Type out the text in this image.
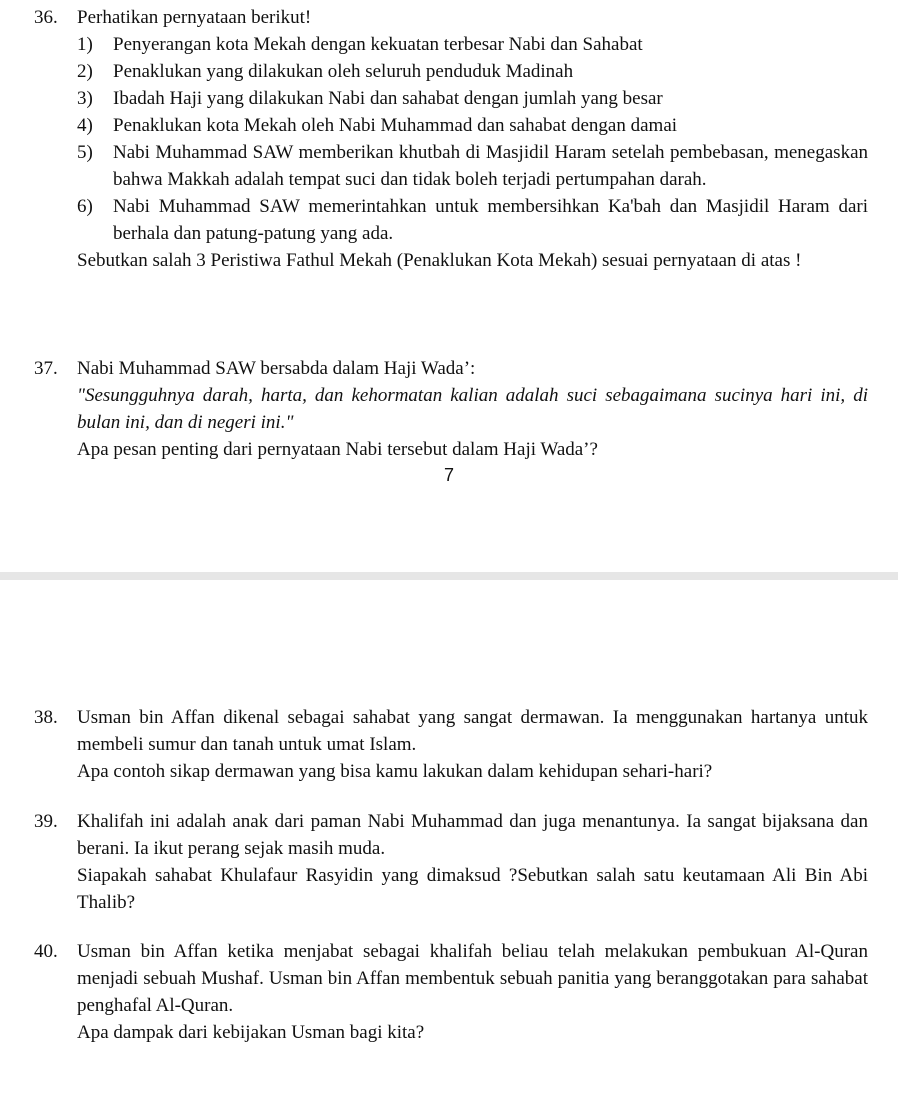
36.	Perhatikan pernyataan berikut!
1)	Penyerangan kota Mekah dengan kekuatan terbesar Nabi dan Sahabat
2)	Penaklukan yang dilakukan oleh seluruh penduduk Madinah
3)	Ibadah Haji yang dilakukan Nabi dan sahabat dengan jumlah yang besar
4)	Penaklukan kota Mekah oleh Nabi Muhammad dan sahabat dengan damai
5)	Nabi Muhammad SAW memberikan khutbah di Masjidil Haram setelah pembebasan, menegaskan bahwa Makkah adalah tempat suci dan tidak boleh terjadi pertumpahan darah.
6)	Nabi Muhammad SAW memerintahkan untuk membersihkan Ka'bah dan Masjidil Haram dari berhala dan patung-patung yang ada.
Sebutkan salah 3 Peristiwa Fathul Mekah (Penaklukan Kota Mekah) sesuai pernyataan di atas !
37.	Nabi Muhammad SAW bersabda dalam Haji Wada’:
"Sesungguhnya darah, harta, dan kehormatan kalian adalah suci sebagaimana sucinya hari ini, di bulan ini, dan di negeri ini."
Apa pesan penting dari pernyataan Nabi tersebut dalam Haji Wada’?
7
38.	Usman bin Affan dikenal sebagai sahabat yang sangat dermawan. Ia menggunakan hartanya untuk membeli sumur dan tanah untuk umat Islam.
Apa contoh sikap dermawan yang bisa kamu lakukan dalam kehidupan sehari-hari?
39.	Khalifah ini adalah anak dari paman Nabi Muhammad dan juga menantunya. Ia sangat bijaksana dan berani. Ia ikut perang sejak masih muda.
Siapakah sahabat Khulafaur Rasyidin yang dimaksud ?Sebutkan salah satu keutamaan Ali Bin Abi Thalib?
40.	Usman bin Affan ketika menjabat sebagai khalifah beliau telah melakukan pembukuan Al-Quran menjadi sebuah Mushaf. Usman bin Affan membentuk sebuah panitia yang beranggotakan para sahabat penghafal Al-Quran.
Apa dampak dari kebijakan Usman bagi kita?
